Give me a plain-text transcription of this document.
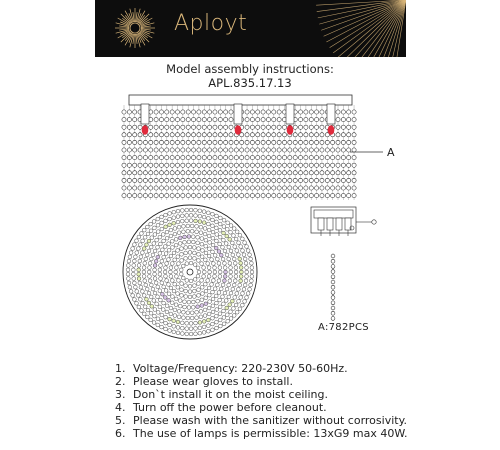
Aployt
Model assembly instructions:
APL.835.17.13
A
A:782PCS
1. Voltage/Frequency: 220-230V 50-60Hz.
2. Please wear gloves to install.
3. Don`t install it on the moist ceiling.
4. Turn off the power before cleanout.
5. Please wash with the sanitizer without corrosivity.
6. The use of lamps is permissible: 13xG9 max 40W.
